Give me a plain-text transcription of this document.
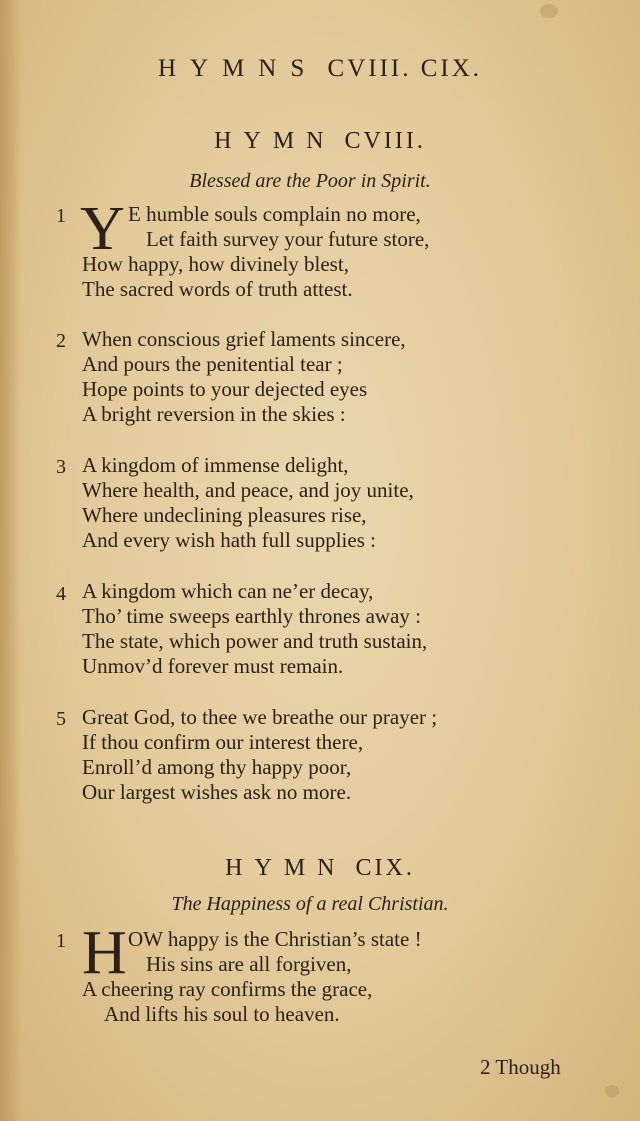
HYMNS CVIII. CIX.
HYMN CVIII.
Blessed are the Poor in Spirit.
1 Y E humble souls complain no more,
Let faith survey your future store,
How happy, how divinely blest,
The sacred words of truth attest.
2 When conscious grief laments sincere,
And pours the penitential tear ;
Hope points to your dejected eyes
A bright reversion in the skies :
3 A kingdom of immense delight,
Where health, and peace, and joy unite,
Where undeclining pleasures rise,
And every wish hath full supplies :
4 A kingdom which can ne’er decay,
Tho’ time sweeps earthly thrones away :
The state, which power and truth sustain,
Unmov’d forever must remain.
5 Great God, to thee we breathe our prayer ;
If thou confirm our interest there,
Enroll’d among thy happy poor,
Our largest wishes ask no more.
HYMN CIX.
The Happiness of a real Christian.
1 H OW happy is the Christian’s state !
His sins are all forgiven,
A cheering ray confirms the grace,
And lifts his soul to heaven.
2 Though
